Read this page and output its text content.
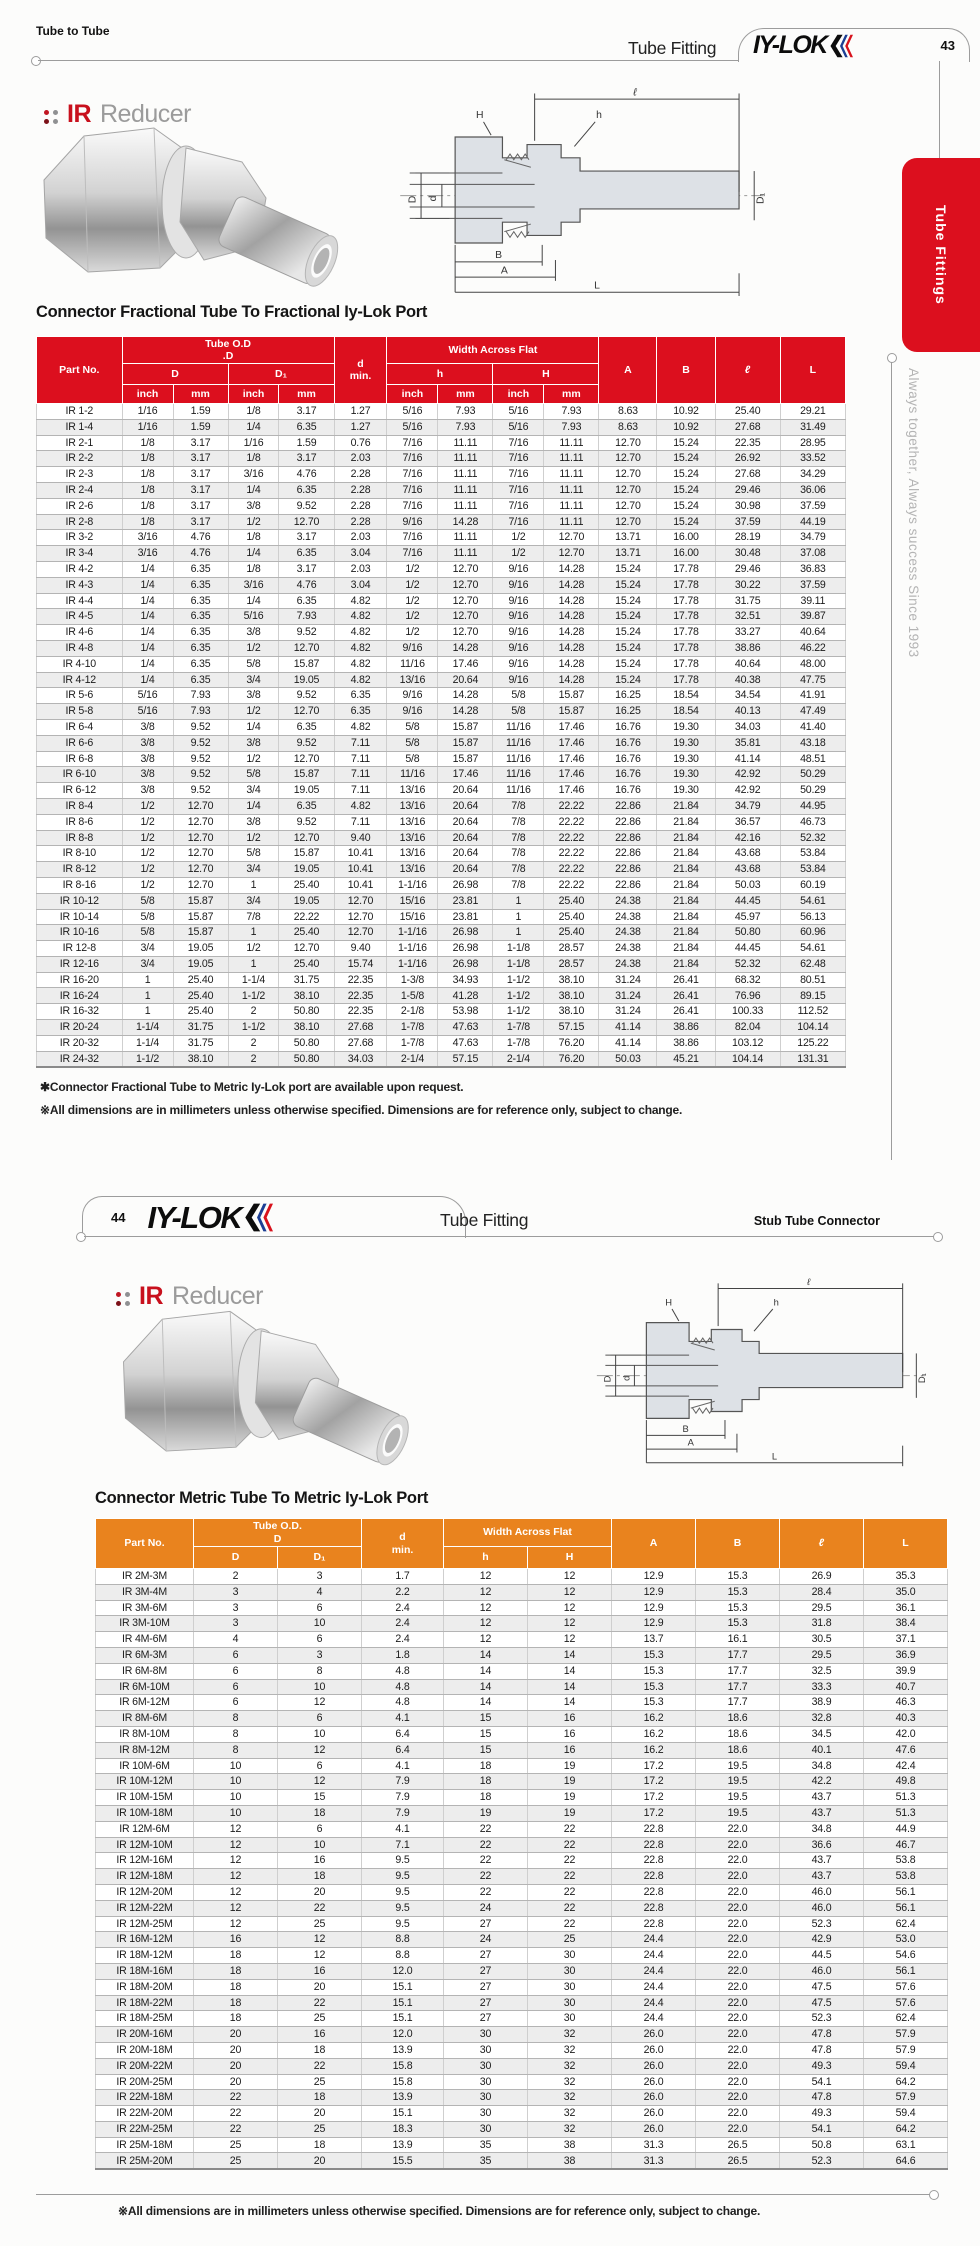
Tube to Tube
Tube Fitting IY-LOK	43
Tube Fittings
Always together, Always success Since 1993
IR Reducer
ℓ
H	h
D d	D₁
B
A
L
Connector Fractional Tube To Fractional Iy-Lok Port
Part No.	
Tube O.D
.D

d
min.
	Width Across Flat	A	B	ℓ	L
	D		D₁			h		H					
	inch	mm	inch	mm		inch	mm	inch	mm				
IR 1-2	1/16	1.59	1/8	3.17	1.27	5/16	7.93	5/16	7.93	8.63	10.92	25.40	29.21
IR 1-4	1/16	1.59	1/4	6.35	1.27	5/16	7.93	5/16	7.93	8.63	10.92	27.68	31.49
IR 2-1	1/8	3.17	1/16	1.59	0.76	7/16	11.11	7/16	11.11	12.70	15.24	22.35	28.95
IR 2-2	1/8	3.17	1/8	3.17	2.03	7/16	11.11	7/16	11.11	12.70	15.24	26.92	33.52
IR 2-3	1/8	3.17	3/16	4.76	2.28	7/16	11.11	7/16	11.11	12.70	15.24	27.68	34.29
IR 2-4	1/8	3.17	1/4	6.35	2.28	7/16	11.11	7/16	11.11	12.70	15.24	29.46	36.06
IR 2-6	1/8	3.17	3/8	9.52	2.28	7/16	11.11	7/16	11.11	12.70	15.24	30.98	37.59
IR 2-8	1/8	3.17	1/2	12.70	2.28	9/16	14.28	7/16	11.11	12.70	15.24	37.59	44.19
IR 3-2	3/16	4.76	1/8	3.17	2.03	7/16	11.11	1/2	12.70	13.71	16.00	28.19	34.79
IR 3-4	3/16	4.76	1/4	6.35	3.04	7/16	11.11	1/2	12.70	13.71	16.00	30.48	37.08
IR 4-2	1/4	6.35	1/8	3.17	2.03	1/2	12.70	9/16	14.28	15.24	17.78	29.46	36.83
IR 4-3	1/4	6.35	3/16	4.76	3.04	1/2	12.70	9/16	14.28	15.24	17.78	30.22	37.59
IR 4-4	1/4	6.35	1/4	6.35	4.82	1/2	12.70	9/16	14.28	15.24	17.78	31.75	39.11
IR 4-5	1/4	6.35	5/16	7.93	4.82	1/2	12.70	9/16	14.28	15.24	17.78	32.51	39.87
IR 4-6	1/4	6.35	3/8	9.52	4.82	1/2	12.70	9/16	14.28	15.24	17.78	33.27	40.64
IR 4-8	1/4	6.35	1/2	12.70	4.82	9/16	14.28	9/16	14.28	15.24	17.78	38.86	46.22
IR 4-10	1/4	6.35	5/8	15.87	4.82	11/16	17.46	9/16	14.28	15.24	17.78	40.64	48.00
IR 4-12	1/4	6.35	3/4	19.05	4.82	13/16	20.64	9/16	14.28	15.24	17.78	40.38	47.75
IR 5-6	5/16	7.93	3/8	9.52	6.35	9/16	14.28	5/8	15.87	16.25	18.54	34.54	41.91
IR 5-8	5/16	7.93	1/2	12.70	6.35	9/16	14.28	5/8	15.87	16.25	18.54	40.13	47.49
IR 6-4	3/8	9.52	1/4	6.35	4.82	5/8	15.87	11/16	17.46	16.76	19.30	34.03	41.40
IR 6-6	3/8	9.52	3/8	9.52	7.11	5/8	15.87	11/16	17.46	16.76	19.30	35.81	43.18
IR 6-8	3/8	9.52	1/2	12.70	7.11	5/8	15.87	11/16	17.46	16.76	19.30	41.14	48.51
IR 6-10	3/8	9.52	5/8	15.87	7.11	11/16	17.46	11/16	17.46	16.76	19.30	42.92	50.29
IR 6-12	3/8	9.52	3/4	19.05	7.11	13/16	20.64	11/16	17.46	16.76	19.30	42.92	50.29
IR 8-4	1/2	12.70	1/4	6.35	4.82	13/16	20.64	7/8	22.22	22.86	21.84	34.79	44.95
IR 8-6	1/2	12.70	3/8	9.52	7.11	13/16	20.64	7/8	22.22	22.86	21.84	36.57	46.73
IR 8-8	1/2	12.70	1/2	12.70	9.40	13/16	20.64	7/8	22.22	22.86	21.84	42.16	52.32
IR 8-10	1/2	12.70	5/8	15.87	10.41	13/16	20.64	7/8	22.22	22.86	21.84	43.68	53.84
IR 8-12	1/2	12.70	3/4	19.05	10.41	13/16	20.64	7/8	22.22	22.86	21.84	43.68	53.84
IR 8-16	1/2	12.70	1	25.40	10.41	1-1/16	26.98	7/8	22.22	22.86	21.84	50.03	60.19
IR 10-12	5/8	15.87	3/4	19.05	12.70	15/16	23.81	1	25.40	24.38	21.84	44.45	54.61
IR 10-14	5/8	15.87	7/8	22.22	12.70	15/16	23.81	1	25.40	24.38	21.84	45.97	56.13
IR 10-16	5/8	15.87	1	25.40	12.70	1-1/16	26.98	1	25.40	24.38	21.84	50.80	60.96
IR 12-8	3/4	19.05	1/2	12.70	9.40	1-1/16	26.98	1-1/8	28.57	24.38	21.84	44.45	54.61
IR 12-16	3/4	19.05	1	25.40	15.74	1-1/16	26.98	1-1/8	28.57	24.38	21.84	52.32	62.48
IR 16-20	1	25.40	1-1/4	31.75	22.35	1-3/8	34.93	1-1/2	38.10	31.24	26.41	68.32	80.51
IR 16-24	1	25.40	1-1/2	38.10	22.35	1-5/8	41.28	1-1/2	38.10	31.24	26.41	76.96	89.15
IR 16-32	1	25.40	2	50.80	22.35	2-1/8	53.98	1-1/2	38.10	31.24	26.41	100.33	112.52
IR 20-24	1-1/4	31.75	1-1/2	38.10	27.68	1-7/8	47.63	1-7/8	57.15	41.14	38.86	82.04	104.14
IR 20-32	1-1/4	31.75	2	50.80	27.68	1-7/8	47.63	1-7/8	76.20	41.14	38.86	103.12	125.22
IR 24-32	1-1/2	38.10	2	50.80	34.03	2-1/4	57.15	2-1/4	76.20	50.03	45.21	104.14	131.31
✱Connector Fractional Tube to Metric Iy-Lok port are available upon request.
※All dimensions are in millimeters unless otherwise specified. Dimensions are for reference only, subject to change.
44 IY-LOK	Tube Fitting	Stub Tube Connector
IR Reducer
ℓ
H	h
D d	D₁
B
A
L
Connector Metric Tube To Metric Iy-Lok Port
Part No.	
Tube O.D.
D	d
min.
	Width Across Flat	A	B	ℓ	L
	D	D₁		h	H				
IR 2M-3M	2	3	1.7	12	12	12.9	15.3	26.9	35.3
IR 3M-4M	3	4	2.2	12	12	12.9	15.3	28.4	35.0
IR 3M-6M	3	6	2.4	12	12	12.9	15.3	29.5	36.1
IR 3M-10M	3	10	2.4	12	12	12.9	15.3	31.8	38.4
IR 4M-6M	4	6	2.4	12	12	13.7	16.1	30.5	37.1
IR 6M-3M	6	3	1.8	14	14	15.3	17.7	29.5	36.9
IR 6M-8M	6	8	4.8	14	14	15.3	17.7	32.5	39.9
IR 6M-10M	6	10	4.8	14	14	15.3	17.7	33.3	40.7
IR 6M-12M	6	12	4.8	14	14	15.3	17.7	38.9	46.3
IR 8M-6M	8	6	4.1	15	16	16.2	18.6	32.8	40.3
IR 8M-10M	8	10	6.4	15	16	16.2	18.6	34.5	42.0
IR 8M-12M	8	12	6.4	15	16	16.2	18.6	40.1	47.6
IR 10M-6M	10	6	4.1	18	19	17.2	19.5	34.8	42.4
IR 10M-12M	10	12	7.9	18	19	17.2	19.5	42.2	49.8
IR 10M-15M	10	15	7.9	18	19	17.2	19.5	43.7	51.3
IR 10M-18M	10	18	7.9	19	19	17.2	19.5	43.7	51.3
IR 12M-6M	12	6	4.1	22	22	22.8	22.0	34.8	44.9
IR 12M-10M	12	10	7.1	22	22	22.8	22.0	36.6	46.7
IR 12M-16M	12	16	9.5	22	22	22.8	22.0	43.7	53.8
IR 12M-18M	12	18	9.5	22	22	22.8	22.0	43.7	53.8
IR 12M-20M	12	20	9.5	22	22	22.8	22.0	46.0	56.1
IR 12M-22M	12	22	9.5	24	22	22.8	22.0	46.0	56.1
IR 12M-25M	12	25	9.5	27	22	22.8	22.0	52.3	62.4
IR 16M-12M	16	12	8.8	24	25	24.4	22.0	42.9	53.0
IR 18M-12M	18	12	8.8	27	30	24.4	22.0	44.5	54.6
IR 18M-16M	18	16	12.0	27	30	24.4	22.0	46.0	56.1
IR 18M-20M	18	20	15.1	27	30	24.4	22.0	47.5	57.6
IR 18M-22M	18	22	15.1	27	30	24.4	22.0	47.5	57.6
IR 18M-25M	18	25	15.1	27	30	24.4	22.0	52.3	62.4
IR 20M-16M	20	16	12.0	30	32	26.0	22.0	47.8	57.9
IR 20M-18M	20	18	13.9	30	32	26.0	22.0	47.8	57.9
IR 20M-22M	20	22	15.8	30	32	26.0	22.0	49.3	59.4
IR 20M-25M	20	25	15.8	30	32	26.0	22.0	54.1	64.2
IR 22M-18M	22	18	13.9	30	32	26.0	22.0	47.8	57.9
IR 22M-20M	22	20	15.1	30	32	26.0	22.0	49.3	59.4
IR 22M-25M	22	25	18.3	30	32	26.0	22.0	54.1	64.2
IR 25M-18M	25	18	13.9	35	38	31.3	26.5	50.8	63.1
IR 25M-20M	25	20	15.5	35	38	31.3	26.5	52.3	64.6
※All dimensions are in millimeters unless otherwise specified. Dimensions are for reference only, subject to change.
